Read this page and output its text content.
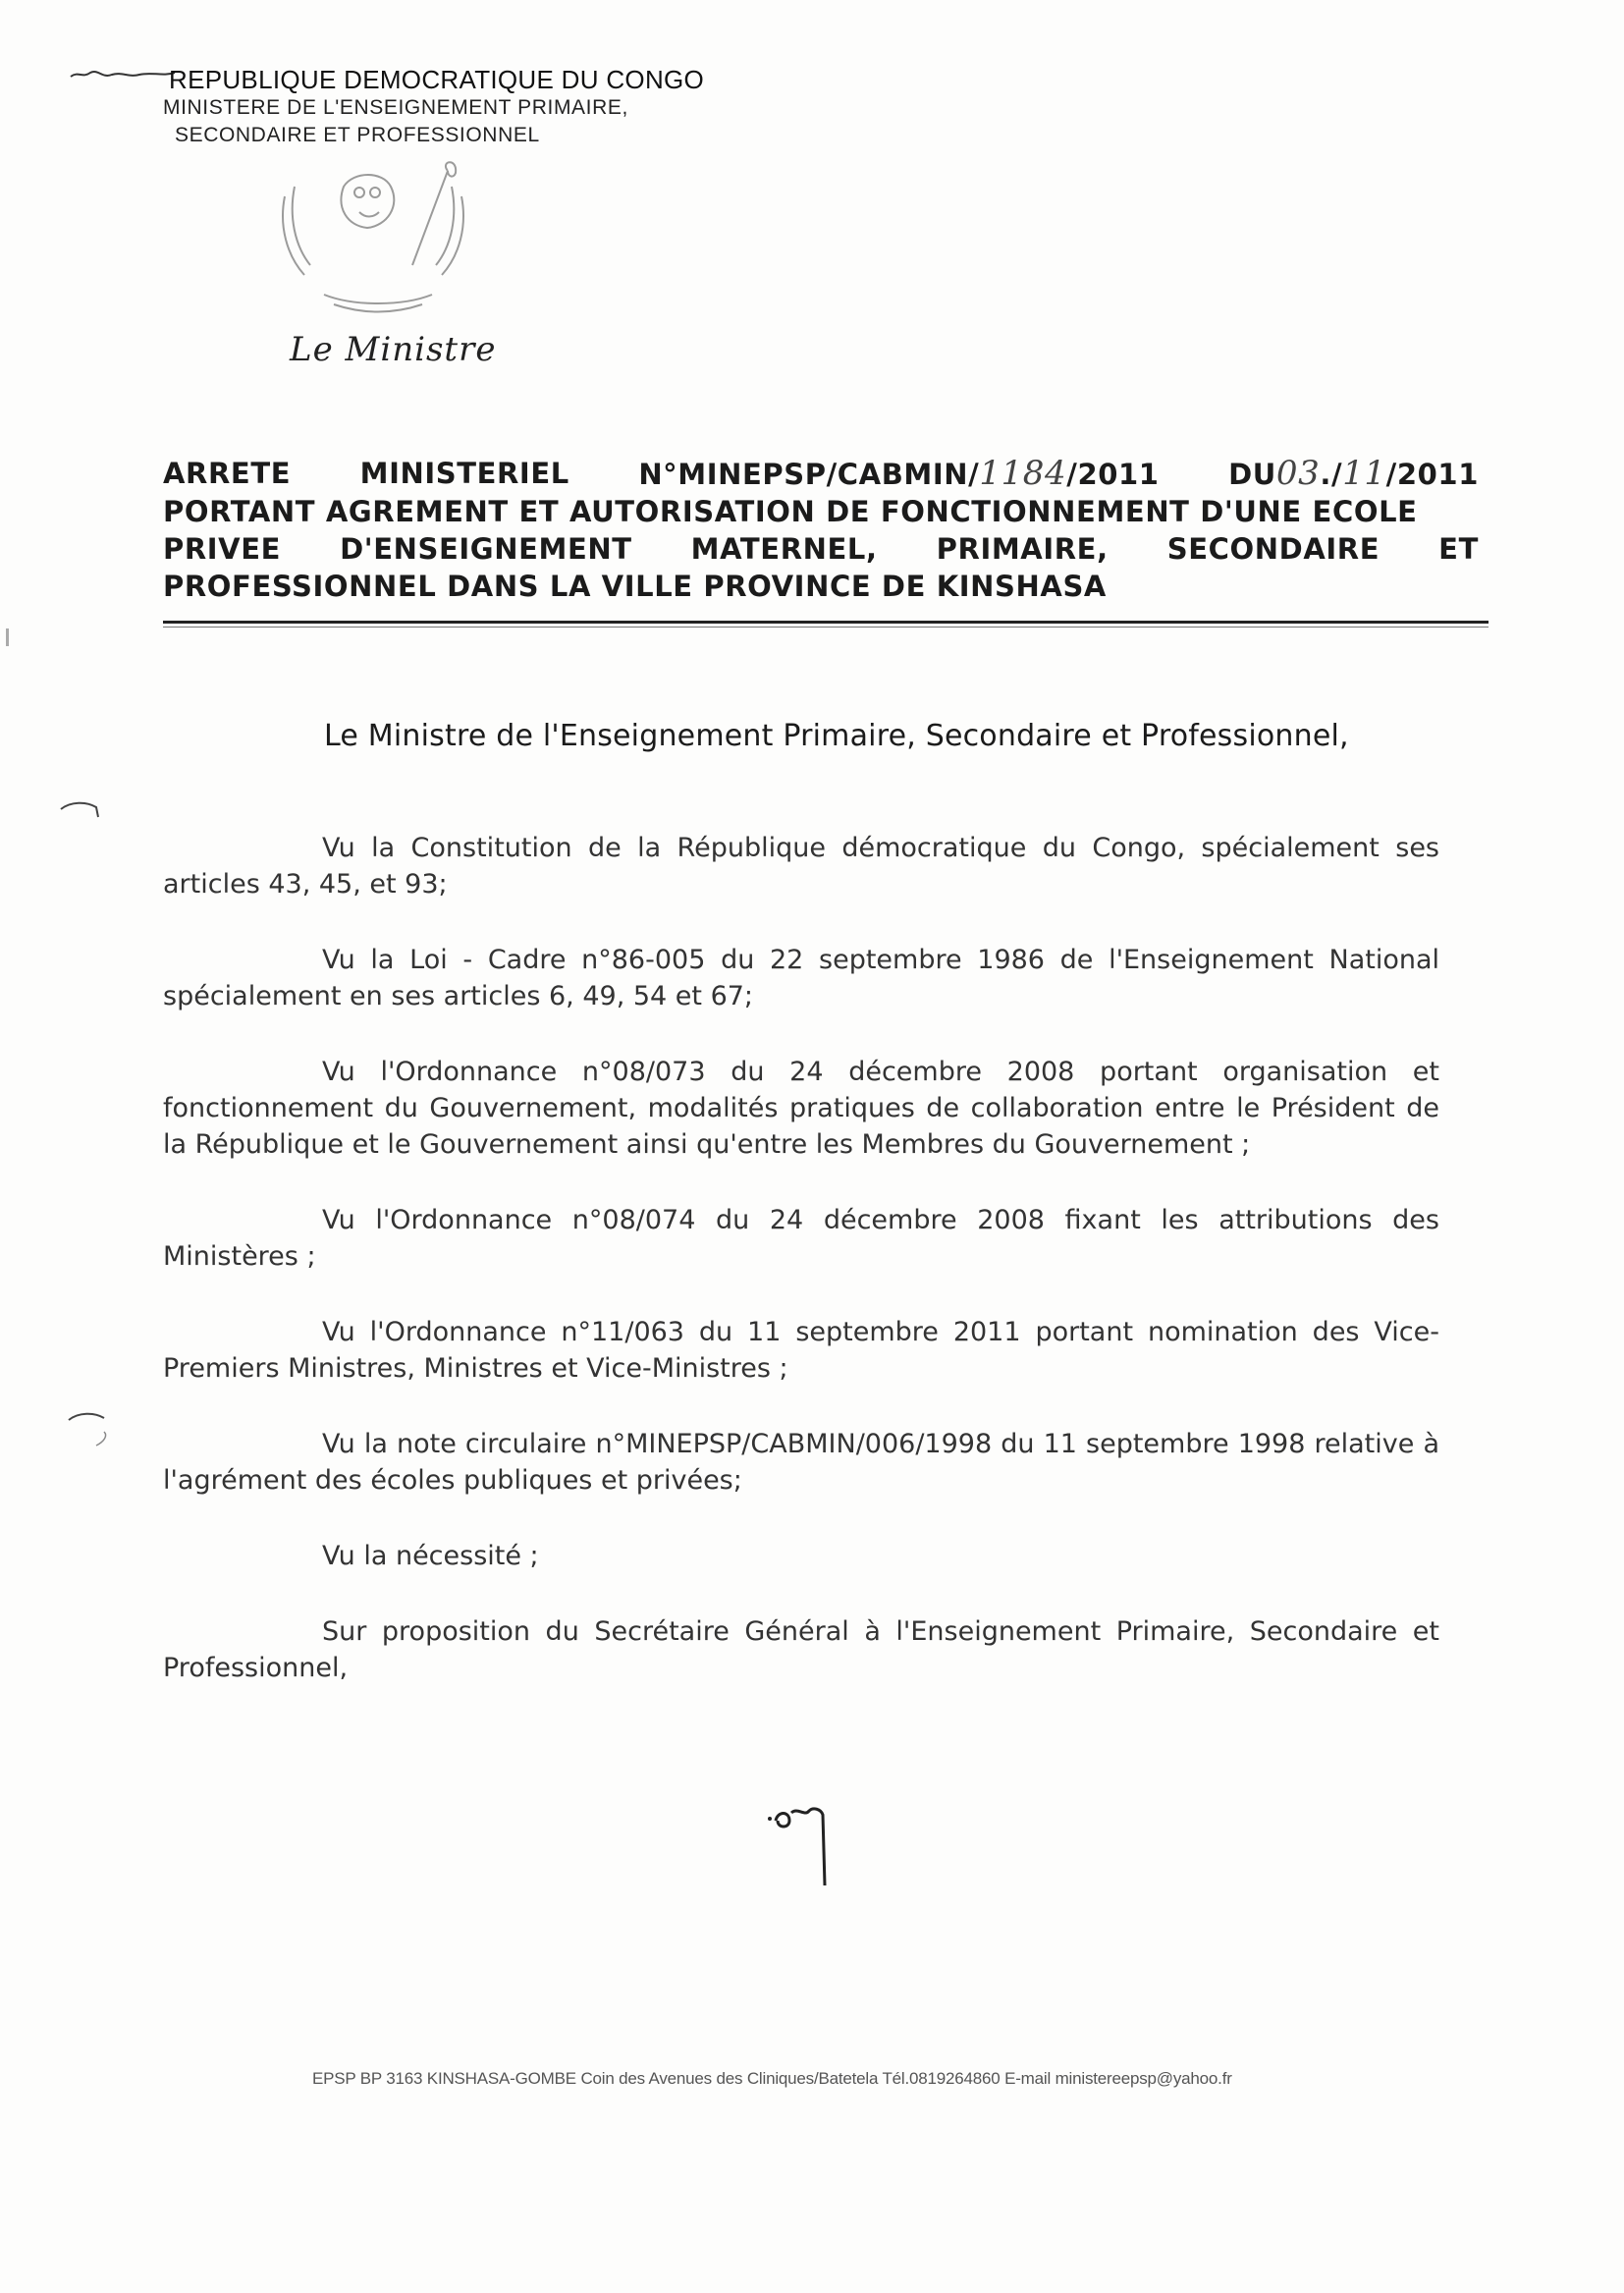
REPUBLIQUE DEMOCRATIQUE DU CONGO
MINISTERE DE L'ENSEIGNEMENT PRIMAIRE,
SECONDAIRE ET PROFESSIONNEL
Le Ministre
ARRETE MINISTERIEL N°MINEPSP/CABMIN/1184/2011 DU03./11/2011
PORTANT AGREMENT ET AUTORISATION DE FONCTIONNEMENT D'UNE ECOLE
PRIVEE D'ENSEIGNEMENT MATERNEL, PRIMAIRE, SECONDAIRE ET
PROFESSIONNEL DANS LA VILLE PROVINCE DE KINSHASA
Le Ministre de l'Enseignement Primaire, Secondaire et Professionnel,

Vu la Constitution de la République démocratique du Congo, spécialement ses articles 43, 45, et 93;

Vu la Loi - Cadre n°86-005 du 22 septembre 1986 de l'Enseignement National spécialement en ses articles 6, 49, 54 et 67;

Vu l'Ordonnance n°08/073 du 24 décembre 2008 portant organisation et fonctionnement du Gouvernement, modalités pratiques de collaboration entre le Président de la République et le Gouvernement ainsi qu'entre les Membres du Gouvernement ;

Vu l'Ordonnance n°08/074 du 24 décembre 2008 fixant les attributions des Ministères ;

Vu l'Ordonnance n°11/063 du 11 septembre 2011 portant nomination des Vice-Premiers Ministres, Ministres et Vice-Ministres ;

Vu la note circulaire n°MINEPSP/CABMIN/006/1998 du 11 septembre 1998 relative à l'agrément des écoles publiques et privées;

Vu la nécessité ;

Sur proposition du Secrétaire Général à l'Enseignement Primaire, Secondaire et Professionnel,

EPSP BP 3163 KINSHASA-GOMBE Coin des Avenues des Cliniques/Batetela Tél.0819264860 E-mail ministereepsp@yahoo.fr
